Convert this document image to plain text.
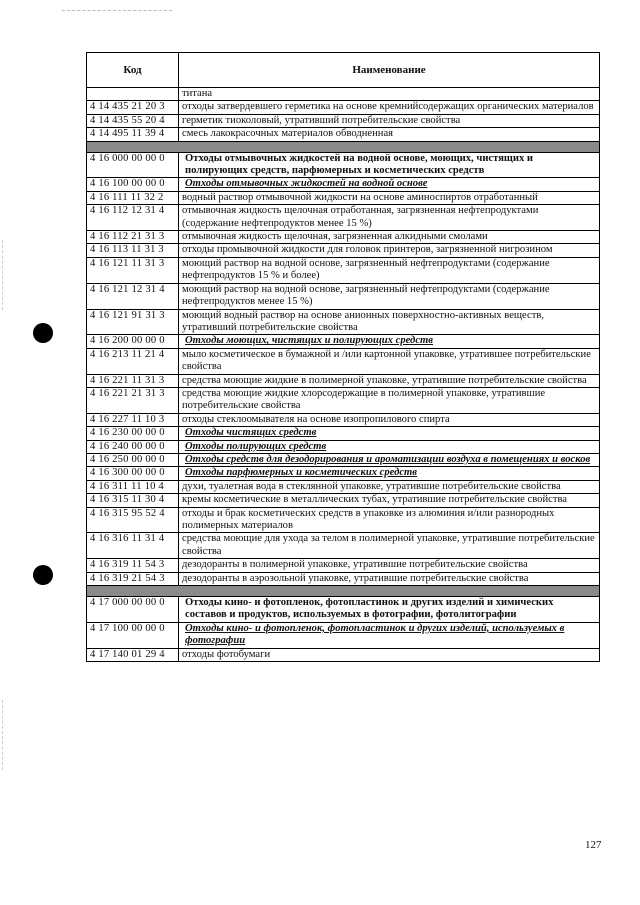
Код	Наименование
	титана
4 14 435 21 20 3	отходы затвердевшего герметика на основе кремнийсодержащих органических материалов
4 14 435 55 20 4	герметик тиоколовый, утративший потребительские свойства
4 14 495 11 39 4	смесь лакокрасочных материалов обводненная

4 16 000 00 00 0	Отходы отмывочных жидкостей на водной основе, моющих, чистящих и полирующих средств, парфюмерных и косметических средств
4 16 100 00 00 0	Отходы отмывочных жидкостей на водной основе
4 16 111 11 32 2	водный раствор отмывочной жидкости на основе аминоспиртов отработанный
4 16 112 12 31 4	отмывочная жидкость щелочная отработанная, загрязненная нефтепродуктами (содержание нефтепродуктов менее 15 %)
4 16 112 21 31 3	отмывочная жидкость щелочная, загрязненная алкидными смолами
4 16 113 11 31 3	отходы промывочной жидкости для головок принтеров, загрязненной нигрозином
4 16 121 11 31 3	моющий раствор на водной основе, загрязненный нефтепродуктами (содержание нефтепродуктов 15 % и более)
4 16 121 12 31 4	моющий раствор на водной основе, загрязненный нефтепродуктами (содержание нефтепродуктов менее 15 %)
4 16 121 91 31 3	моющий водный раствор на основе анионных поверхностно-активных веществ, утративший потребительские свойства
4 16 200 00 00 0	Отходы моющих, чистящих и полирующих средств
4 16 213 11 21 4	мыло косметическое в бумажной и /или картонной упаковке, утратившее потребительские свойства
4 16 221 11 31 3	средства моющие жидкие в полимерной упаковке, утратившие потребительские свойства
4 16 221 21 31 3	средства моющие жидкие хлорсодержащие в полимерной упаковке, утратившие потребительские свойства
4 16 227 11 10 3	отходы стеклоомывателя на основе изопропилового спирта
4 16 230 00 00 0	Отходы чистящих средств
4 16 240 00 00 0	Отходы полирующих средств
4 16 250 00 00 0	Отходы средств для дезодорирования и ароматизации воздуха в помещениях и восков
4 16 300 00 00 0	Отходы парфюмерных и косметических средств
4 16 311 11 10 4	духи, туалетная вода в стеклянной упаковке, утратившие потребительские свойства
4 16 315 11 30 4	кремы косметические в металлических тубах, утратившие потребительские свойства
4 16 315 95 52 4	отходы и брак косметических средств в упаковке из алюминия и/или разнородных полимерных материалов
4 16 316 11 31 4	средства моющие для ухода за телом в полимерной упаковке, утратившие потребительские свойства
4 16 319 11 54 3	дезодоранты в полимерной упаковке, утратившие потребительские свойства
4 16 319 21 54 3	дезодоранты в аэрозольной упаковке, утратившие потребительские свойства

4 17 000 00 00 0	Отходы кино- и фотопленок, фотопластинок и других изделий и химических составов и продуктов, используемых в фотографии, фотолитографии
4 17 100 00 00 0	Отходы кино- и фотопленок, фотопластинок и других изделий, используемых в фотографии
4 17 140 01 29 4	отходы фотобумаги
127
